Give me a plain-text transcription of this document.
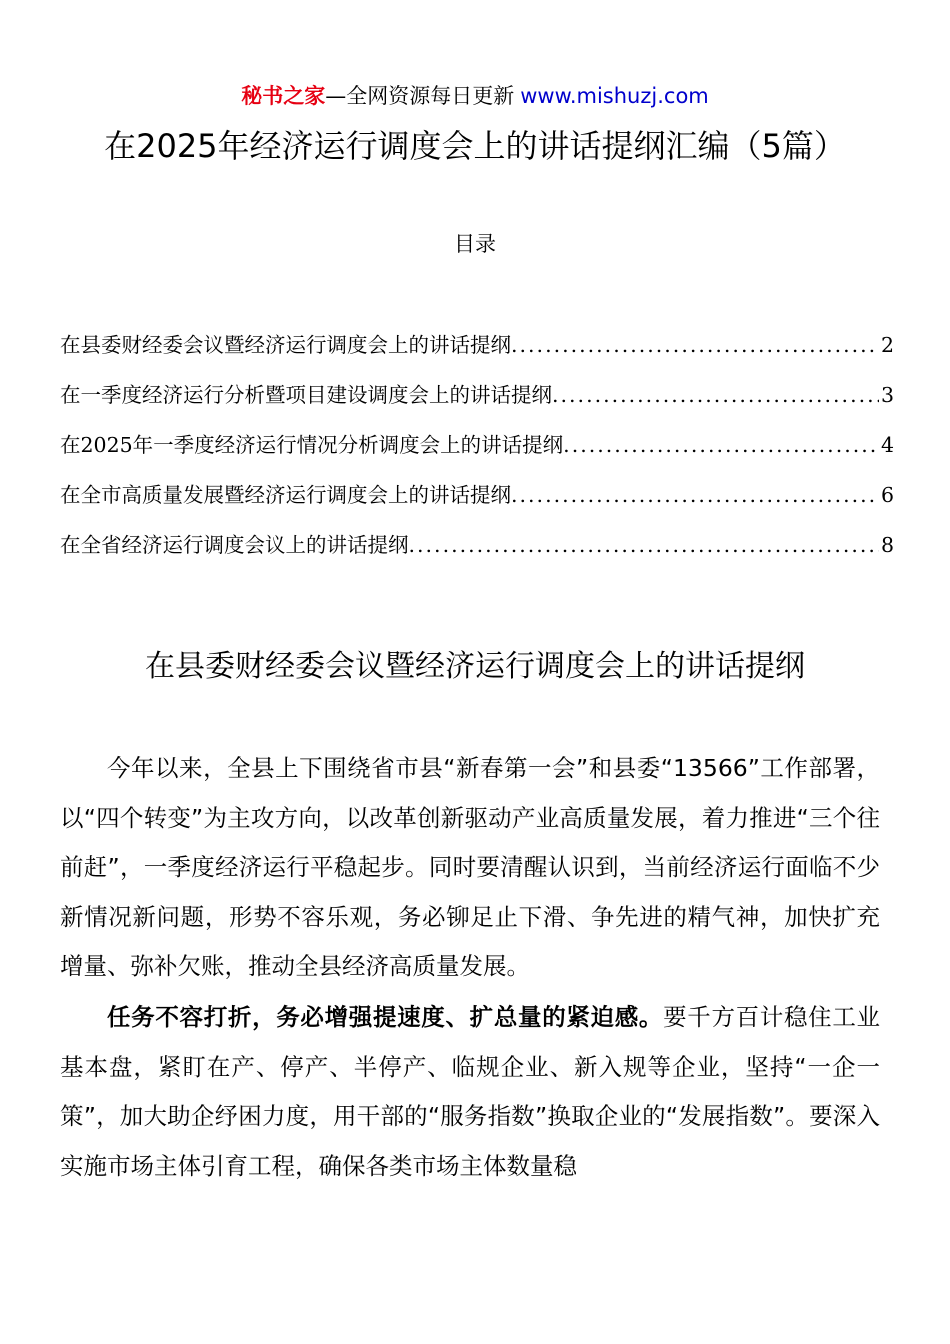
秘书之家—全网资源每日更新 www.mishuzj.com
在2025年经济运行调度会上的讲话提纲汇编（5篇）
目录
在县委财经委会议暨经济运行调度会上的讲话提纲 .....	2
在一季度经济运行分析暨项目建设调度会上的讲话提纲 .....	3
在2025年一季度经济运行情况分析调度会上的讲话提纲 .....	4
在全市高质量发展暨经济运行调度会上的讲话提纲 .....	6
在全省经济运行调度会议上的讲话提纲 .....	8
在县委财经委会议暨经济运行调度会上的讲话提纲

今年以来，全县上下围绕省市县“新春第一会”和县委“13566”工作部署，以“四个转变”为主攻方向，以改革创新驱动产业高质量发展，着力推进“三个往前赶”，一季度经济运行平稳起步。同时要清醒认识到，当前经济运行面临不少新情况新问题，形势不容乐观，务必铆足止下滑、争先进的精气神，加快扩充增量、弥补欠账，推动全县经济高质量发展。

任务不容打折，务必增强提速度、扩总量的紧迫感。要千方百计稳住工业基本盘，紧盯在产、停产、半停产、临规企业、新入规等企业，坚持“一企一策”，加大助企纾困力度，用干部的“服务指数”换取企业的“发展指数”。要深入实施市场主体引育工程，确保各类市场主体数量稳
